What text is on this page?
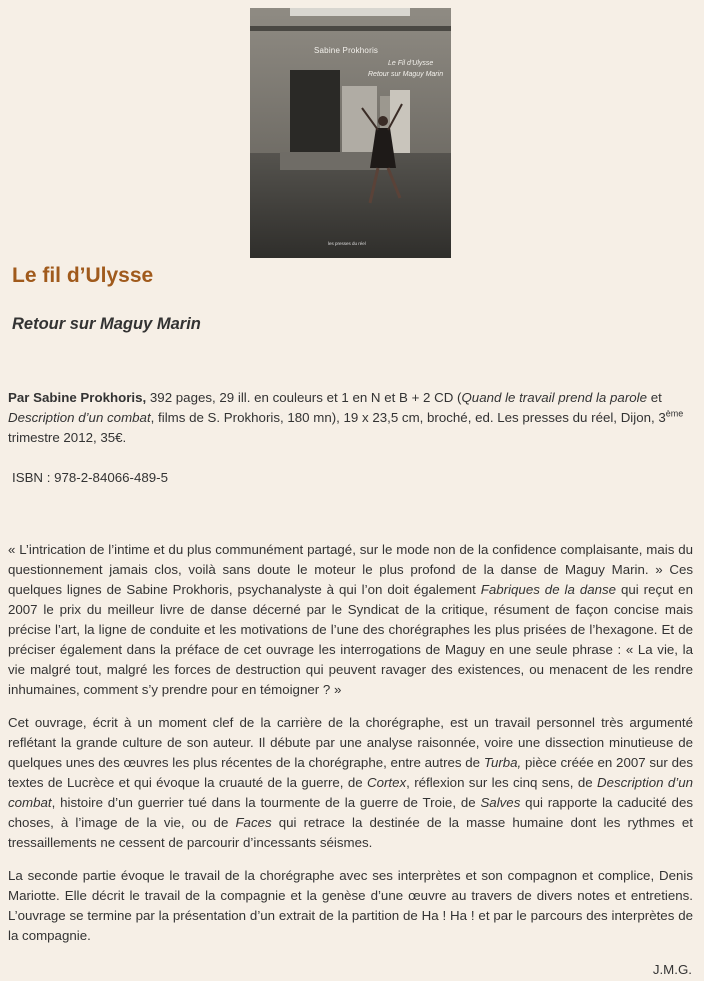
Sabine Prokhoris
Le Fil d'Ulysse
Retour sur Maguy Marin
les presses du réel
Le fil d’Ulysse
Retour sur Maguy Marin

Par Sabine Prokhoris, 392 pages, 29 ill. en couleurs et 1 en N et B + 2 CD (Quand le travail prend la parole et Description d’un combat, films de S. Prokhoris, 180 mn), 19 x 23,5 cm, broché, ed. Les presses du réel, Dijon, 3ème trimestre 2012, 35€.

ISBN : 978-2-84066-489-5

« L’intrication de l’intime et du plus communément partagé, sur le mode non de la confidence complaisante, mais du questionnement jamais clos, voilà sans doute le moteur le plus profond de la danse de Maguy Marin. » Ces quelques lignes de Sabine Prokhoris, psychanalyste à qui l’on doit également Fabriques de la danse qui reçut en 2007 le prix du meilleur livre de danse décerné par le Syndicat de la critique, résument de façon concise mais précise l’art, la ligne de conduite et les motivations de l’une des chorégraphes les plus prisées de l’hexagone. Et de préciser également dans la préface de cet ouvrage les interrogations de Maguy en une seule phrase : « La vie, la vie malgré tout, malgré les forces de destruction qui peuvent ravager des existences, ou menacent de les rendre inhumaines, comment s’y prendre pour en témoigner ? »

Cet ouvrage, écrit à un moment clef de la carrière de la chorégraphe, est un travail personnel très argumenté reflétant la grande culture de son auteur. Il débute par une analyse raisonnée, voire une dissection minutieuse de quelques unes des œuvres les plus récentes de la chorégraphe, entre autres de Turba, pièce créée en 2007 sur des textes de Lucrèce et qui évoque la cruauté de la guerre, de Cortex, réflexion sur les cinq sens, de Description d’un combat, histoire d’un guerrier tué dans la tourmente de la guerre de Troie, de Salves qui rapporte la caducité des choses, à l’image de la vie, ou de Faces qui retrace la destinée de la masse humaine dont les rythmes et tressaillements ne cessent de parcourir d’incessants séismes.

La seconde partie évoque le travail de la chorégraphe avec ses interprètes et son compagnon et complice, Denis Mariotte. Elle décrit le travail de la compagnie et la genèse d’une œuvre au travers de divers notes et entretiens. L’ouvrage se termine par la présentation d’un extrait de la partition de Ha ! Ha ! et par le parcours des interprètes de la compagnie.

J.M.G.
